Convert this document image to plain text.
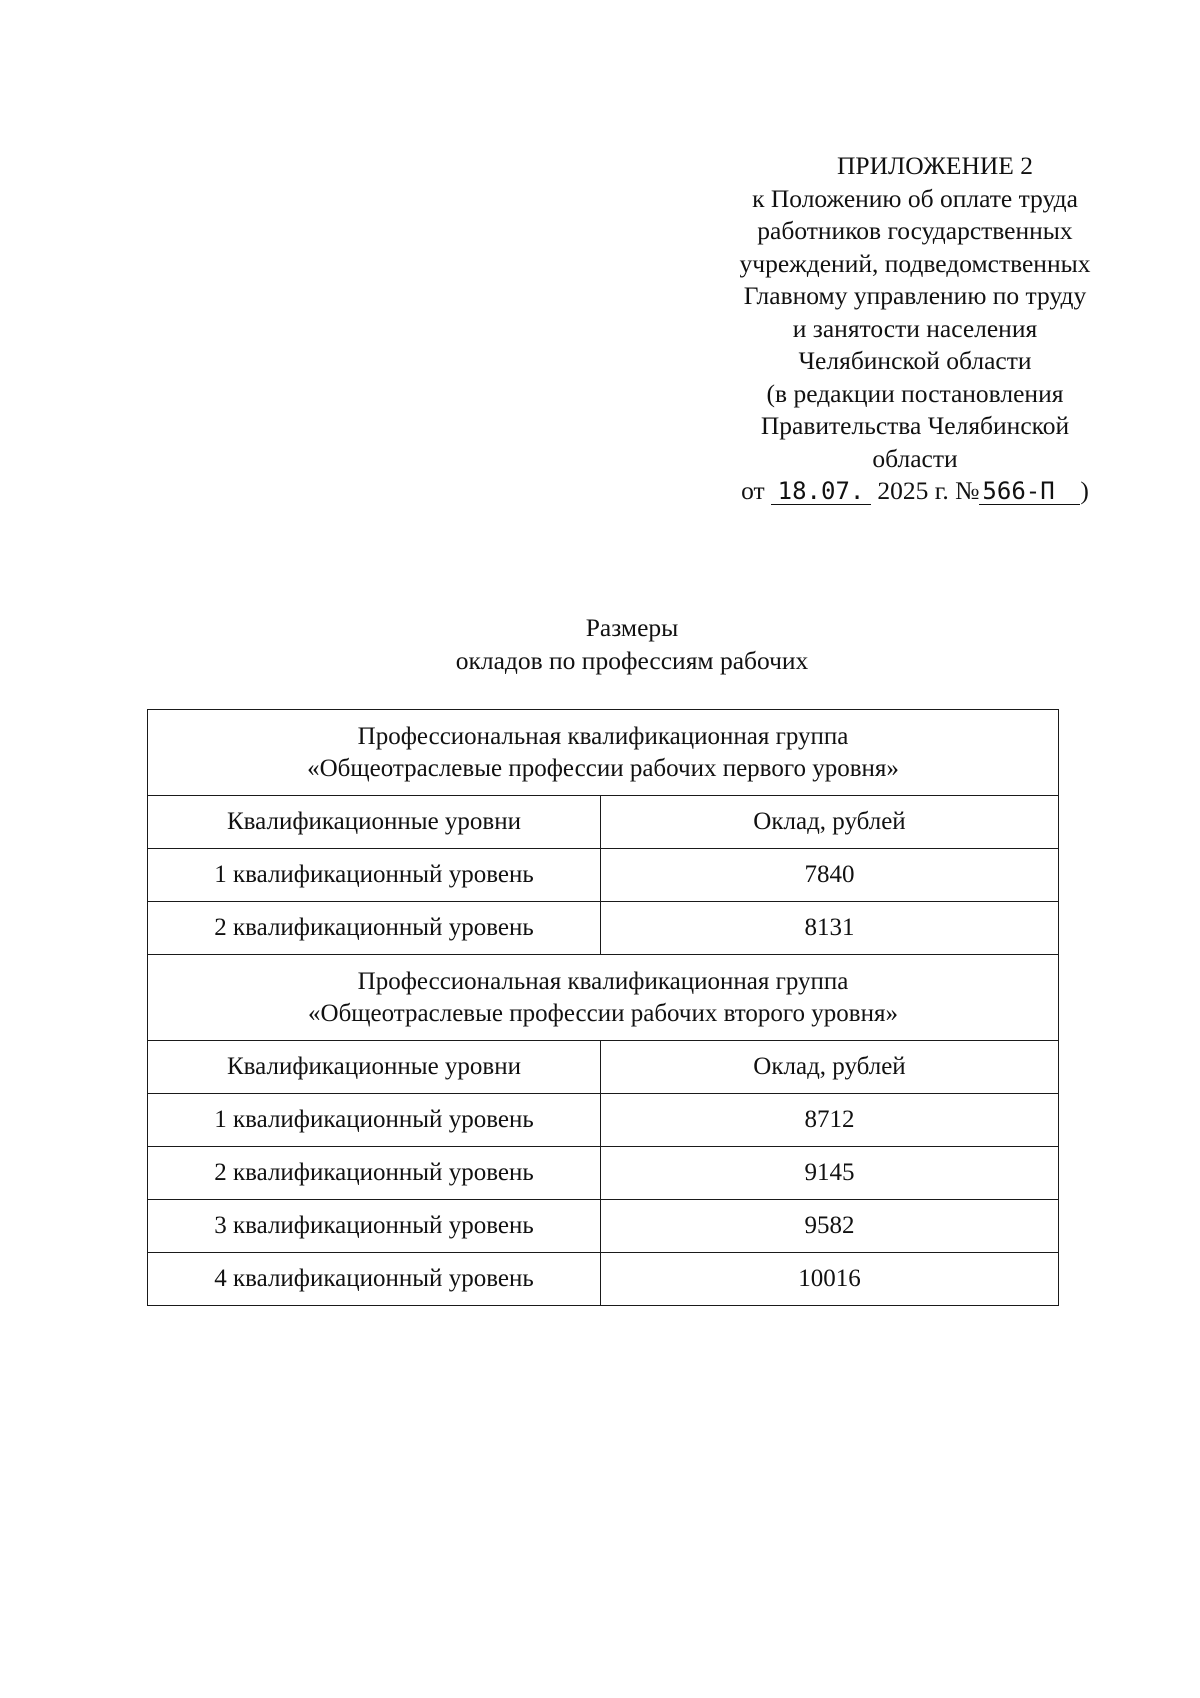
ПРИЛОЖЕНИЕ 2
к Положению об оплате труда
работников государственных
учреждений, подведомственных
Главному управлению по труду
и занятости населения
Челябинской области
(в редакции постановления
Правительства Челябинской
области
от 18.07. 2025 г. № 566-П )
Размеры
окладов по профессиям рабочих
Профессиональная квалификационная группа
«Общеотраслевые профессии рабочих первого уровня»	

Квалификационные уровни	Оклад, рублей
1 квалификационный уровень	7840
2 квалификационный уровень	8131

Профессиональная квалификационная группа
«Общеотраслевые профессии рабочих второго уровня»	

Квалификационные уровни	Оклад, рублей
1 квалификационный уровень	8712
2 квалификационный уровень	9145
3 квалификационный уровень	9582
4 квалификационный уровень	10016
